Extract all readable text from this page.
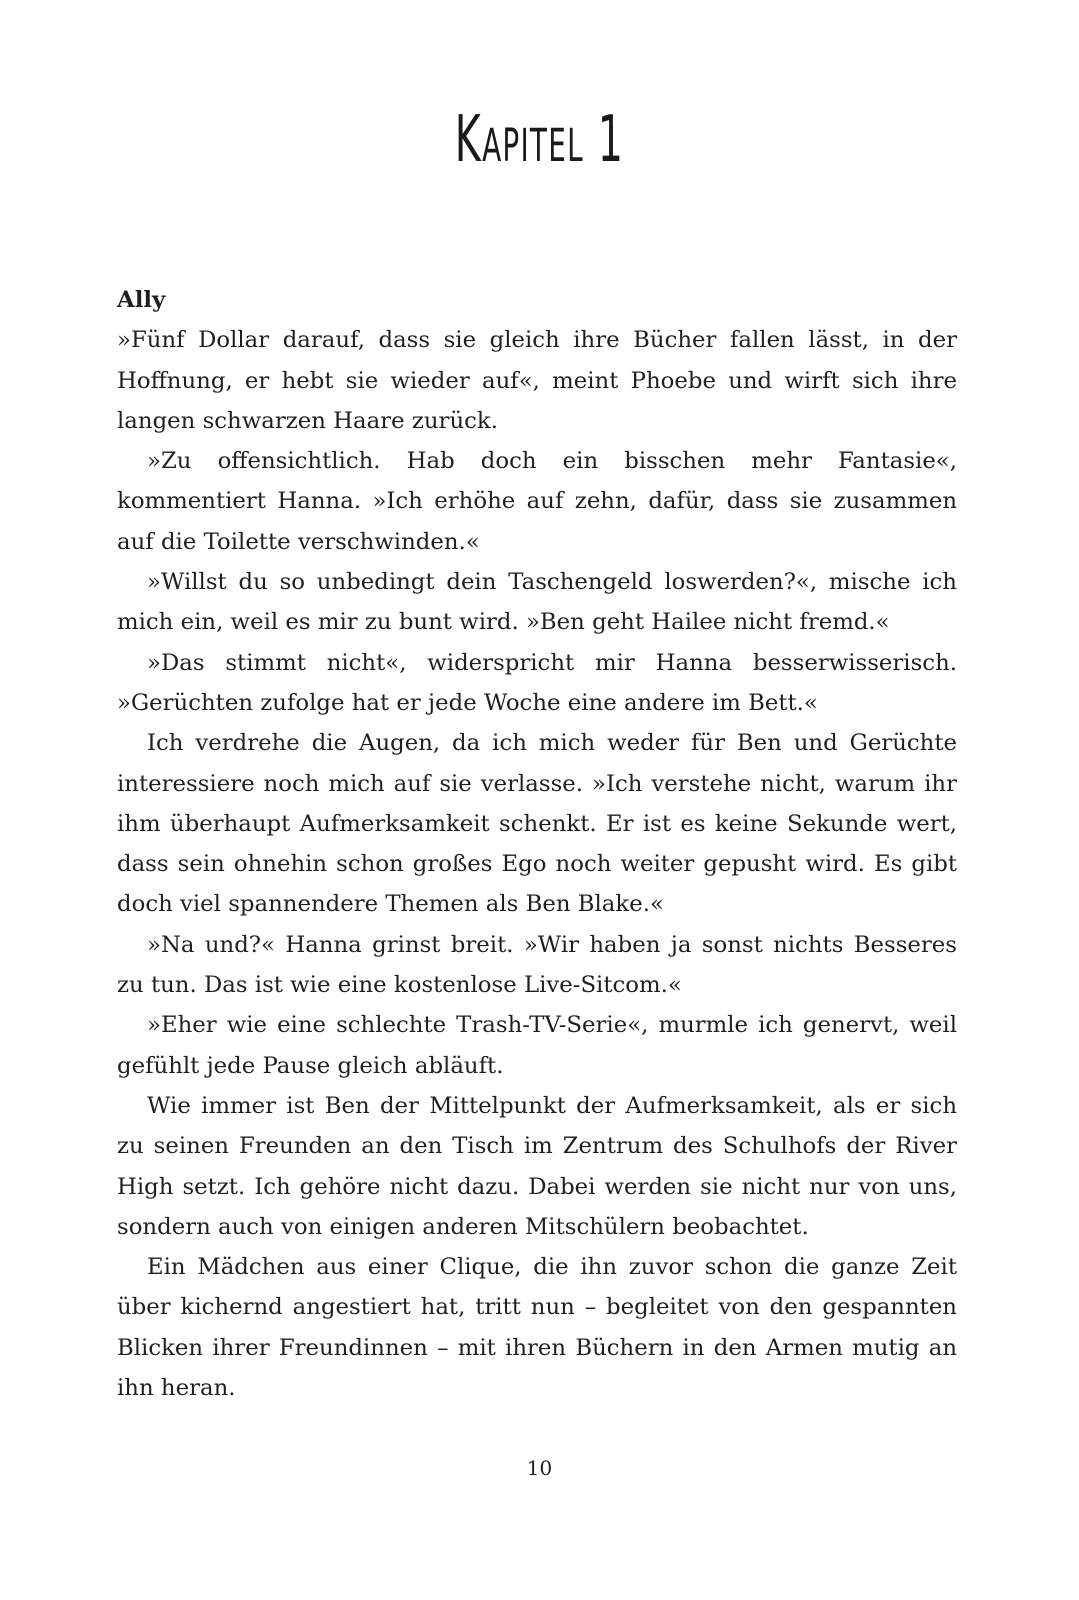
Kapitel 1

Ally

»Fünf Dollar darauf, dass sie gleich ihre Bücher fallen lässt, in der Hoffnung, er hebt sie wieder auf«, meint Phoebe und wirft sich ihre langen schwarzen Haare zurück.

»Zu offensichtlich. Hab doch ein bisschen mehr Fantasie«, kommentiert Hanna. »Ich erhöhe auf zehn, dafür, dass sie zusammen auf die Toilette verschwinden.«

»Willst du so unbedingt dein Taschengeld loswerden?«, mische ich mich ein, weil es mir zu bunt wird. »Ben geht Hailee nicht fremd.«

»Das stimmt nicht«, widerspricht mir Hanna besserwisserisch. »Gerüchten zufolge hat er jede Woche eine andere im Bett.«

Ich verdrehe die Augen, da ich mich weder für Ben und Gerüchte interessiere noch mich auf sie verlasse. »Ich verstehe nicht, warum ihr ihm überhaupt Aufmerksamkeit schenkt. Er ist es keine Sekunde wert, dass sein ohnehin schon großes Ego noch weiter gepusht wird. Es gibt doch viel spannendere Themen als Ben Blake.«

»Na und?« Hanna grinst breit. »Wir haben ja sonst nichts Besseres zu tun. Das ist wie eine kostenlose Live-Sitcom.«

»Eher wie eine schlechte Trash-TV-Serie«, murmle ich genervt, weil gefühlt jede Pause gleich abläuft.

Wie immer ist Ben der Mittelpunkt der Aufmerksamkeit, als er sich zu seinen Freunden an den Tisch im Zentrum des Schulhofs der River High setzt. Ich gehöre nicht dazu. Dabei werden sie nicht nur von uns, sondern auch von einigen anderen Mitschülern beobachtet.

Ein Mädchen aus einer Clique, die ihn zuvor schon die ganze Zeit über kichernd angestiert hat, tritt nun – begleitet von den gespannten Blicken ihrer Freundinnen – mit ihren Büchern in den Armen mutig an ihn heran.

10
